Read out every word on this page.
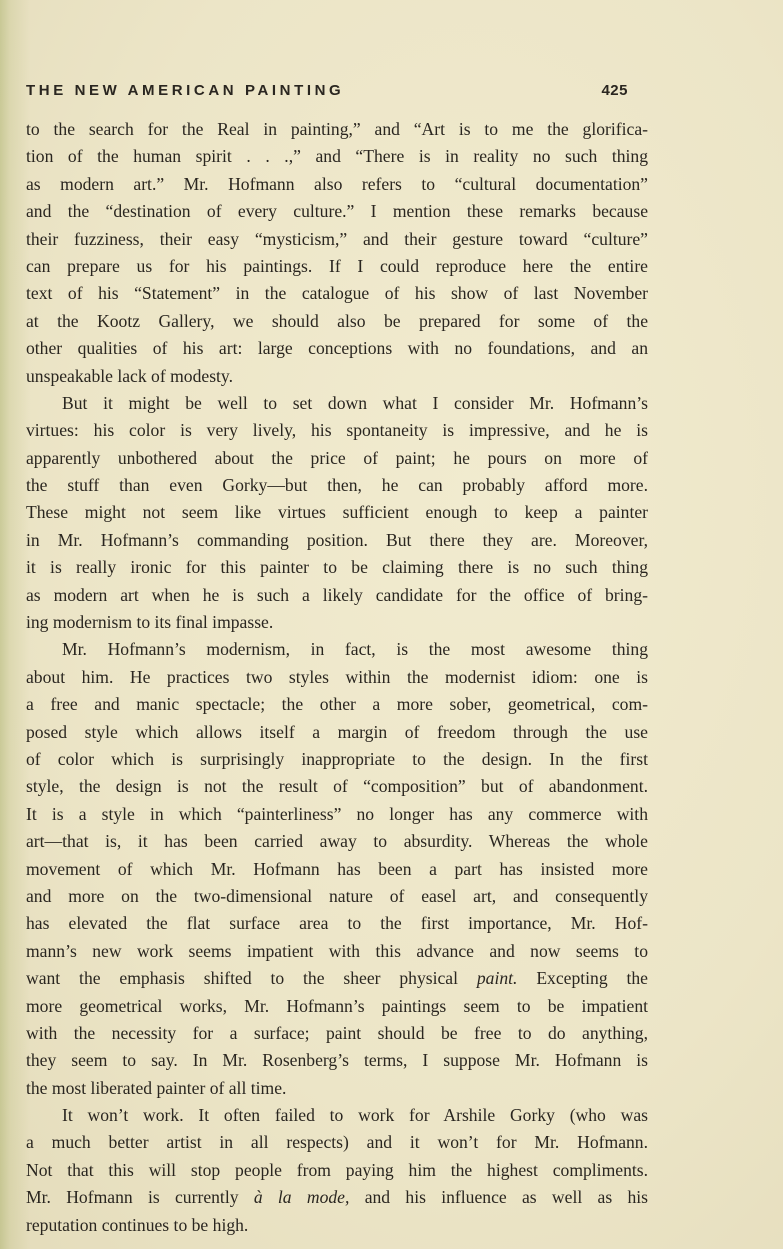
THE NEW AMERICAN PAINTING	425
to the search for the Real in painting,” and “Art is to me the glorifica-
tion of the human spirit . . .,” and “There is in reality no such thing
as modern art.” Mr. Hofmann also refers to “cultural documentation”
and the “destination of every culture.” I mention these remarks because
their fuzziness, their easy “mysticism,” and their gesture toward “culture”
can prepare us for his paintings. If I could reproduce here the entire
text of his “Statement” in the catalogue of his show of last November
at the Kootz Gallery, we should also be prepared for some of the
other qualities of his art: large conceptions with no foundations, and an
unspeakable lack of modesty.
But it might be well to set down what I consider Mr. Hofmann’s
virtues: his color is very lively, his spontaneity is impressive, and he is
apparently unbothered about the price of paint; he pours on more of
the stuff than even Gorky—but then, he can probably afford more.
These might not seem like virtues sufficient enough to keep a painter
in Mr. Hofmann’s commanding position. But there they are. Moreover,
it is really ironic for this painter to be claiming there is no such thing
as modern art when he is such a likely candidate for the office of bring-
ing modernism to its final impasse.
Mr. Hofmann’s modernism, in fact, is the most awesome thing
about him. He practices two styles within the modernist idiom: one is
a free and manic spectacle; the other a more sober, geometrical, com-
posed style which allows itself a margin of freedom through the use
of color which is surprisingly inappropriate to the design. In the first
style, the design is not the result of “composition” but of abandonment.
It is a style in which “painterliness” no longer has any commerce with
art—that is, it has been carried away to absurdity. Whereas the whole
movement of which Mr. Hofmann has been a part has insisted more
and more on the two-dimensional nature of easel art, and consequently
has elevated the flat surface area to the first importance, Mr. Hof-
mann’s new work seems impatient with this advance and now seems to
want the emphasis shifted to the sheer physical paint. Excepting the
more geometrical works, Mr. Hofmann’s paintings seem to be impatient
with the necessity for a surface; paint should be free to do anything,
they seem to say. In Mr. Rosenberg’s terms, I suppose Mr. Hofmann is
the most liberated painter of all time.
It won’t work. It often failed to work for Arshile Gorky (who was
a much better artist in all respects) and it won’t for Mr. Hofmann.
Not that this will stop people from paying him the highest compliments.
Mr. Hofmann is currently à la mode, and his influence as well as his
reputation continues to be high.
